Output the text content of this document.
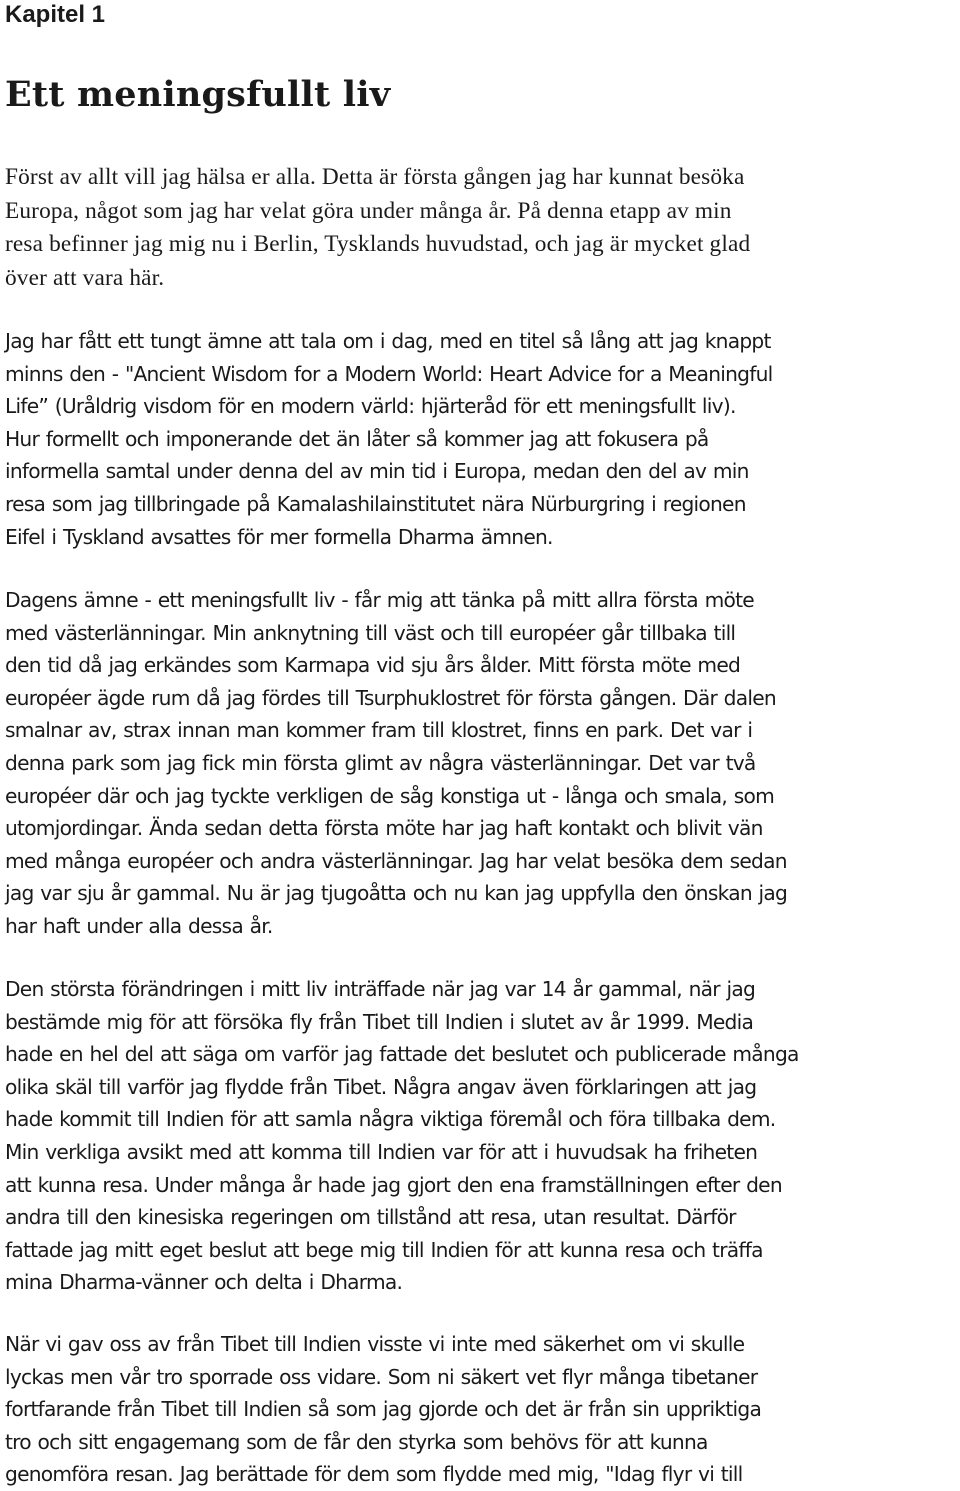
Kapitel 1
Ett meningsfullt liv

Först av allt vill jag hälsa er alla. Detta är första gången jag har kunnat besöka
Europa, något som jag har velat göra under många år. På denna etapp av min
resa befinner jag mig nu i Berlin, Tysklands huvudstad, och jag är mycket glad
över att vara här.

Jag har fått ett tungt ämne att tala om i dag, med en titel så lång att jag knappt
minns den - "Ancient Wisdom for a Modern World: Heart Advice for a Meaningful
Life” (Uråldrig visdom för en modern värld: hjärteråd för ett meningsfullt liv).
Hur formellt och imponerande det än låter så kommer jag att fokusera på
informella samtal under denna del av min tid i Europa, medan den del av min
resa som jag tillbringade på Kamalashilainstitutet nära Nürburgring i regionen
Eifel i Tyskland avsattes för mer formella Dharma ämnen.

Dagens ämne - ett meningsfullt liv - får mig att tänka på mitt allra första möte
med västerlänningar. Min anknytning till väst och till européer går tillbaka till
den tid då jag erkändes som Karmapa vid sju års ålder. Mitt första möte med
européer ägde rum då jag fördes till Tsurphuklostret för första gången. Där dalen
smalnar av, strax innan man kommer fram till klostret, finns en park. Det var i
denna park som jag fick min första glimt av några västerlänningar. Det var två
européer där och jag tyckte verkligen de såg konstiga ut - långa och smala, som
utomjordingar. Ända sedan detta första möte har jag haft kontakt och blivit vän
med många européer och andra västerlänningar. Jag har velat besöka dem sedan
jag var sju år gammal. Nu är jag tjugoåtta och nu kan jag uppfylla den önskan jag
har haft under alla dessa år.

Den största förändringen i mitt liv inträffade när jag var 14 år gammal, när jag
bestämde mig för att försöka fly från Tibet till Indien i slutet av år 1999. Media
hade en hel del att säga om varför jag fattade det beslutet och publicerade många
olika skäl till varför jag flydde från Tibet. Några angav även förklaringen att jag
hade kommit till Indien för att samla några viktiga föremål och föra tillbaka dem.
Min verkliga avsikt med att komma till Indien var för att i huvudsak ha friheten
att kunna resa. Under många år hade jag gjort den ena framställningen efter den
andra till den kinesiska regeringen om tillstånd att resa, utan resultat. Därför
fattade jag mitt eget beslut att bege mig till Indien för att kunna resa och träffa
mina Dharma-vänner och delta i Dharma.

När vi gav oss av från Tibet till Indien visste vi inte med säkerhet om vi skulle
lyckas men vår tro sporrade oss vidare. Som ni säkert vet flyr många tibetaner
fortfarande från Tibet till Indien så som jag gjorde och det är från sin uppriktiga
tro och sitt engagemang som de får den styrka som behövs för att kunna
genomföra resan. Jag berättade för dem som flydde med mig, "Idag flyr vi till
